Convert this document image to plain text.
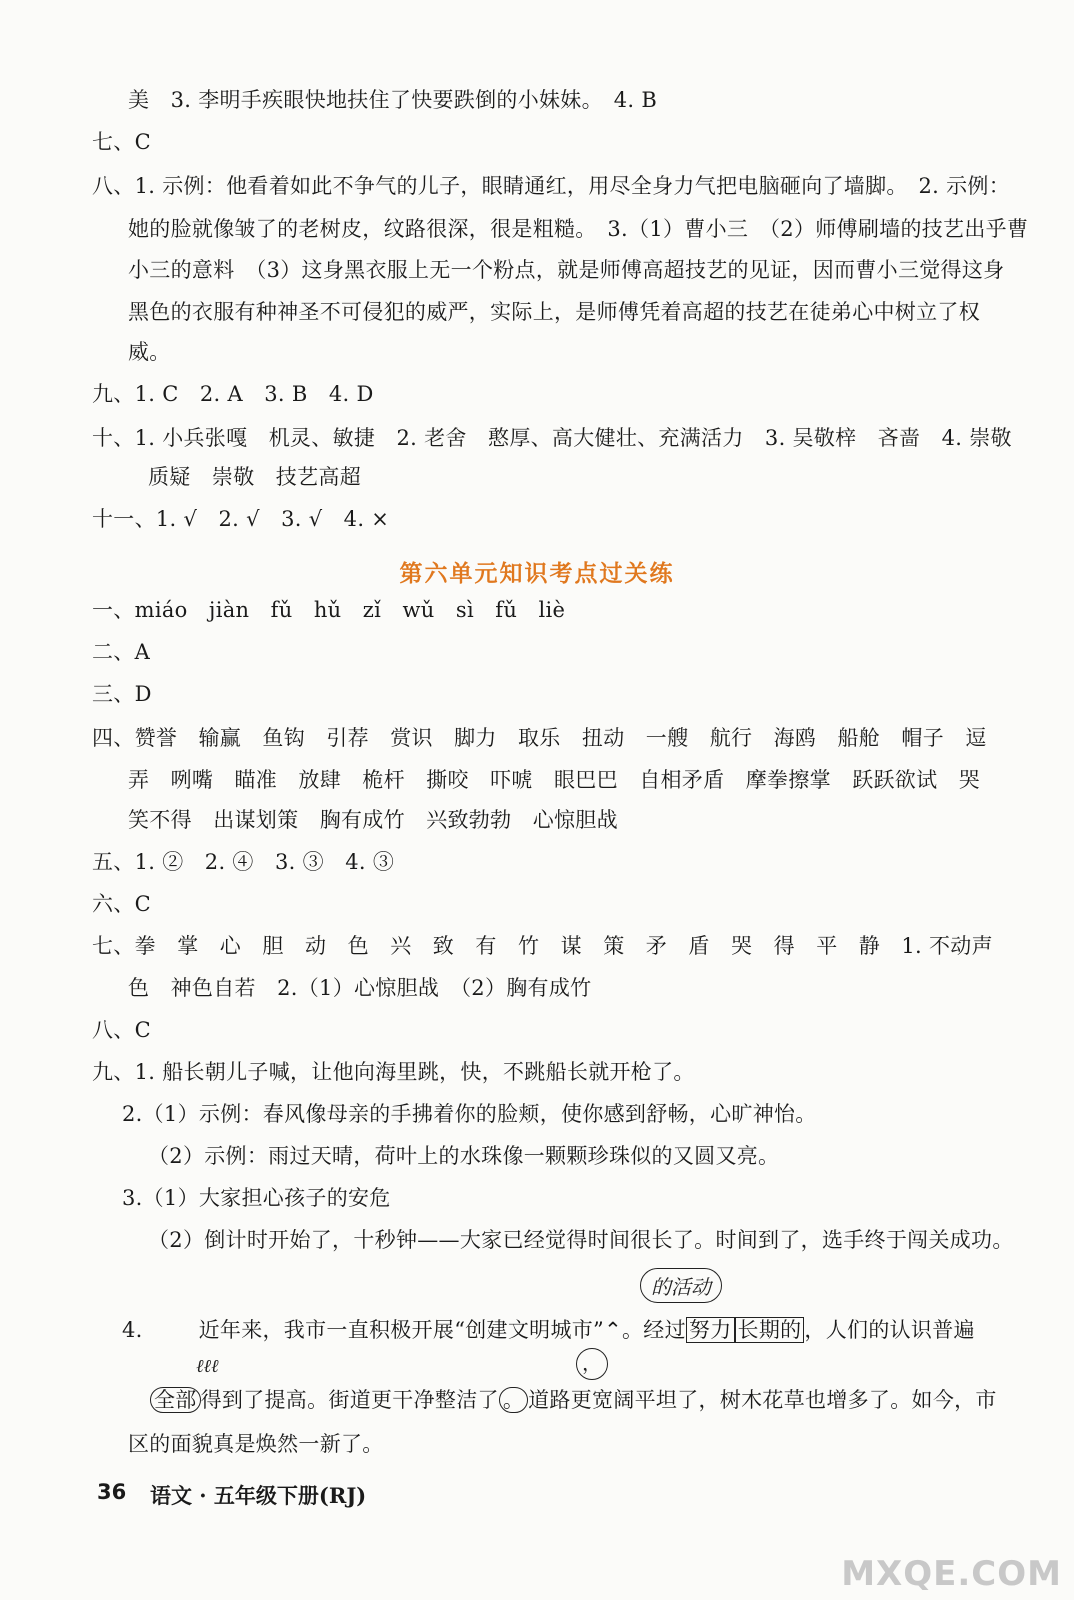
美　3. 李明手疾眼快地扶住了快要跌倒的小妹妹。　4. B
七、C
八、1. 示例：他看着如此不争气的儿子，眼睛通红，用尽全身力气把电脑砸向了墙脚。　2. 示例：
她的脸就像皱了的老树皮，纹路很深，很是粗糙。　3.（1）曹小三　（2）师傅刷墙的技艺出乎曹
小三的意料　（3）这身黑衣服上无一个粉点，就是师傅高超技艺的见证，因而曹小三觉得这身
黑色的衣服有种神圣不可侵犯的威严，实际上，是师傅凭着高超的技艺在徒弟心中树立了权
威。
九、1. C　2. A　3. B　4. D
十、1. 小兵张嘎　机灵、敏捷　2. 老舍　憨厚、高大健壮、充满活力　3. 吴敬梓　吝啬　4. 崇敬
质疑　崇敬　技艺高超
十一、1. √　2. √　3. √　4. ×
第六单元知识考点过关练
一、miáo　jiàn　fǔ　hǔ　zǐ　wǔ　sì　fǔ　liè
二、A
三、D
四、赞誉　输赢　鱼钩　引荐　赏识　脚力　取乐　扭动　一艘　航行　海鸥　船舱　帽子　逗
弄　咧嘴　瞄准　放肆　桅杆　撕咬　吓唬　眼巴巴　自相矛盾　摩拳擦掌　跃跃欲试　哭
笑不得　出谋划策　胸有成竹　兴致勃勃　心惊胆战
五、1. ②　2. ④　3. ③　4. ③
六、C
七、拳　掌　心　胆　动　色　兴　致　有　竹　谋　策　矛　盾　哭　得　平　静　1. 不动声
色　神色自若　2.（1）心惊胆战　（2）胸有成竹
八、C
九、1. 船长朝儿子喊，让他向海里跳，快，不跳船长就开枪了。
2.（1）示例：春风像母亲的手拂着你的脸颊，使你感到舒畅，心旷神怡。
（2）示例：雨过天晴，荷叶上的水珠像一颗颗珍珠似的又圆又亮。
3.（1）大家担心孩子的安危
（2）倒计时开始了，十秒钟——大家已经觉得时间很长了。时间到了，选手终于闯关成功。
的活动
4.	近年来，我市一直积极开展“创建文明城市”⌃。经过 努力 长期的 ，人们的认识普遍
ℓℓℓ	，
全部 得到了提高。街道更干净整洁了 。 道路更宽阔平坦了，树木花草也增多了。如今，市
区的面貌真是焕然一新了。
36 语文 · 五年级下册(RJ)
MXQE.COM
